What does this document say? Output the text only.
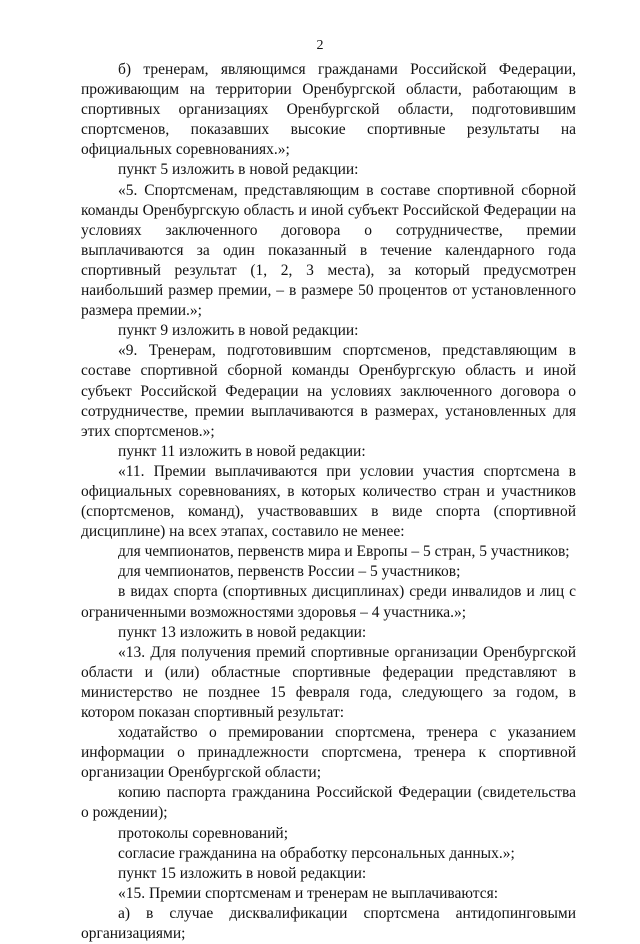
2

б) тренерам, являющимся гражданами Российской Федерации, проживающим на территории Оренбургской области, работающим в спортивных организациях Оренбургской области, подготовившим спортсменов, показавших высокие спортивные результаты на официальных соревнованиях.»;

пункт 5 изложить в новой редакции:

«5. Спортсменам, представляющим в составе спортивной сборной команды Оренбургскую область и иной субъект Российской Федерации на условиях заключенного договора о сотрудничестве, премии выплачиваются за один показанный в течение календарного года спортивный результат (1, 2, 3 места), за который предусмотрен наибольший размер премии, – в размере 50 процентов от установленного размера премии.»;

пункт 9 изложить в новой редакции:

«9. Тренерам, подготовившим спортсменов, представляющим в составе спортивной сборной команды Оренбургскую область и иной субъект Российской Федерации на условиях заключенного договора о сотрудничестве, премии выплачиваются в размерах, установленных для этих спортсменов.»;

пункт 11 изложить в новой редакции:

«11. Премии выплачиваются при условии участия спортсмена в официальных соревнованиях, в которых количество стран и участников (спортсменов, команд), участвовавших в виде спорта (спортивной дисциплине) на всех этапах, составило не менее:

для чемпионатов, первенств мира и Европы – 5 стран, 5 участников;

для чемпионатов, первенств России – 5 участников;

в видах спорта (спортивных дисциплинах) среди инвалидов и лиц с ограниченными возможностями здоровья – 4 участника.»;

пункт 13 изложить в новой редакции:

«13. Для получения премий спортивные организации Оренбургской области и (или) областные спортивные федерации представляют в министерство не позднее 15 февраля года, следующего за годом, в котором показан спортивный результат:

ходатайство о премировании спортсмена, тренера с указанием информации о принадлежности спортсмена, тренера к спортивной организации Оренбургской области;

копию паспорта гражданина Российской Федерации (свидетельства о рождении);

протоколы соревнований;

согласие гражданина на обработку персональных данных.»;

пункт 15 изложить в новой редакции:

«15. Премии спортсменам и тренерам не выплачиваются:

а) в случае дисквалификации спортсмена антидопинговыми организациями;
